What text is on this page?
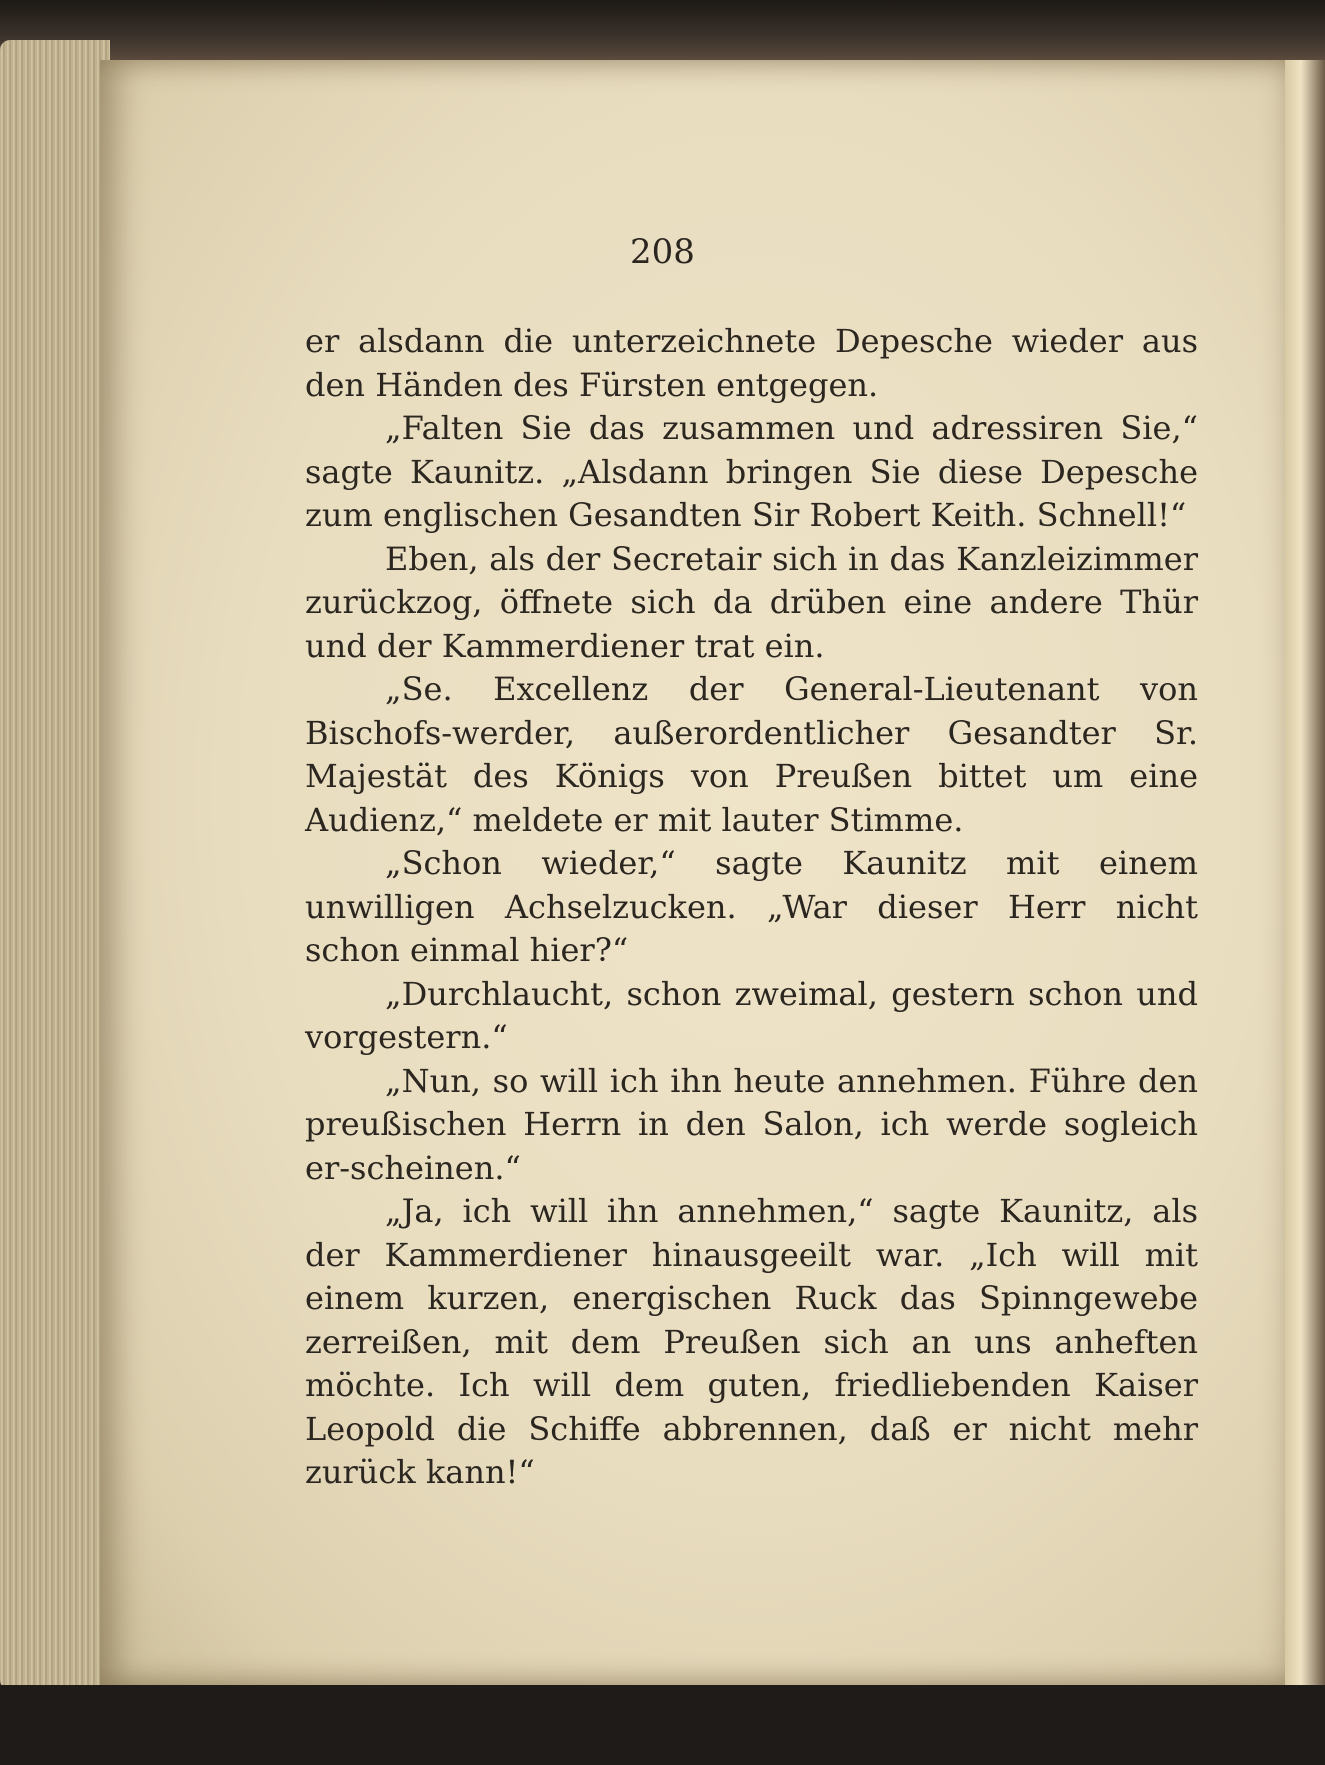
208

er alsdann die unterzeichnete Depesche wieder aus den Händen des Fürsten entgegen.

„Falten Sie das zusammen und adressiren Sie,“ sagte Kaunitz. „Alsdann bringen Sie diese Depesche zum englischen Gesandten Sir Robert Keith. Schnell!“

Eben, als der Secretair sich in das Kanzleizimmer zurückzog, öffnete sich da drüben eine andere Thür und der Kammerdiener trat ein.

„Se. Excellenz der General-Lieutenant von Bischofs-werder, außerordentlicher Gesandter Sr. Majestät des Königs von Preußen bittet um eine Audienz,“ meldete er mit lauter Stimme.

„Schon wieder,“ sagte Kaunitz mit einem unwilligen Achselzucken. „War dieser Herr nicht schon einmal hier?“

„Durchlaucht, schon zweimal, gestern schon und vorgestern.“

„Nun, so will ich ihn heute annehmen. Führe den preußischen Herrn in den Salon, ich werde sogleich er-scheinen.“

„Ja, ich will ihn annehmen,“ sagte Kaunitz, als der Kammerdiener hinausgeeilt war. „Ich will mit einem kurzen, energischen Ruck das Spinngewebe zerreißen, mit dem Preußen sich an uns anheften möchte. Ich will dem guten, friedliebenden Kaiser Leopold die Schiffe abbrennen, daß er nicht mehr zurück kann!“
